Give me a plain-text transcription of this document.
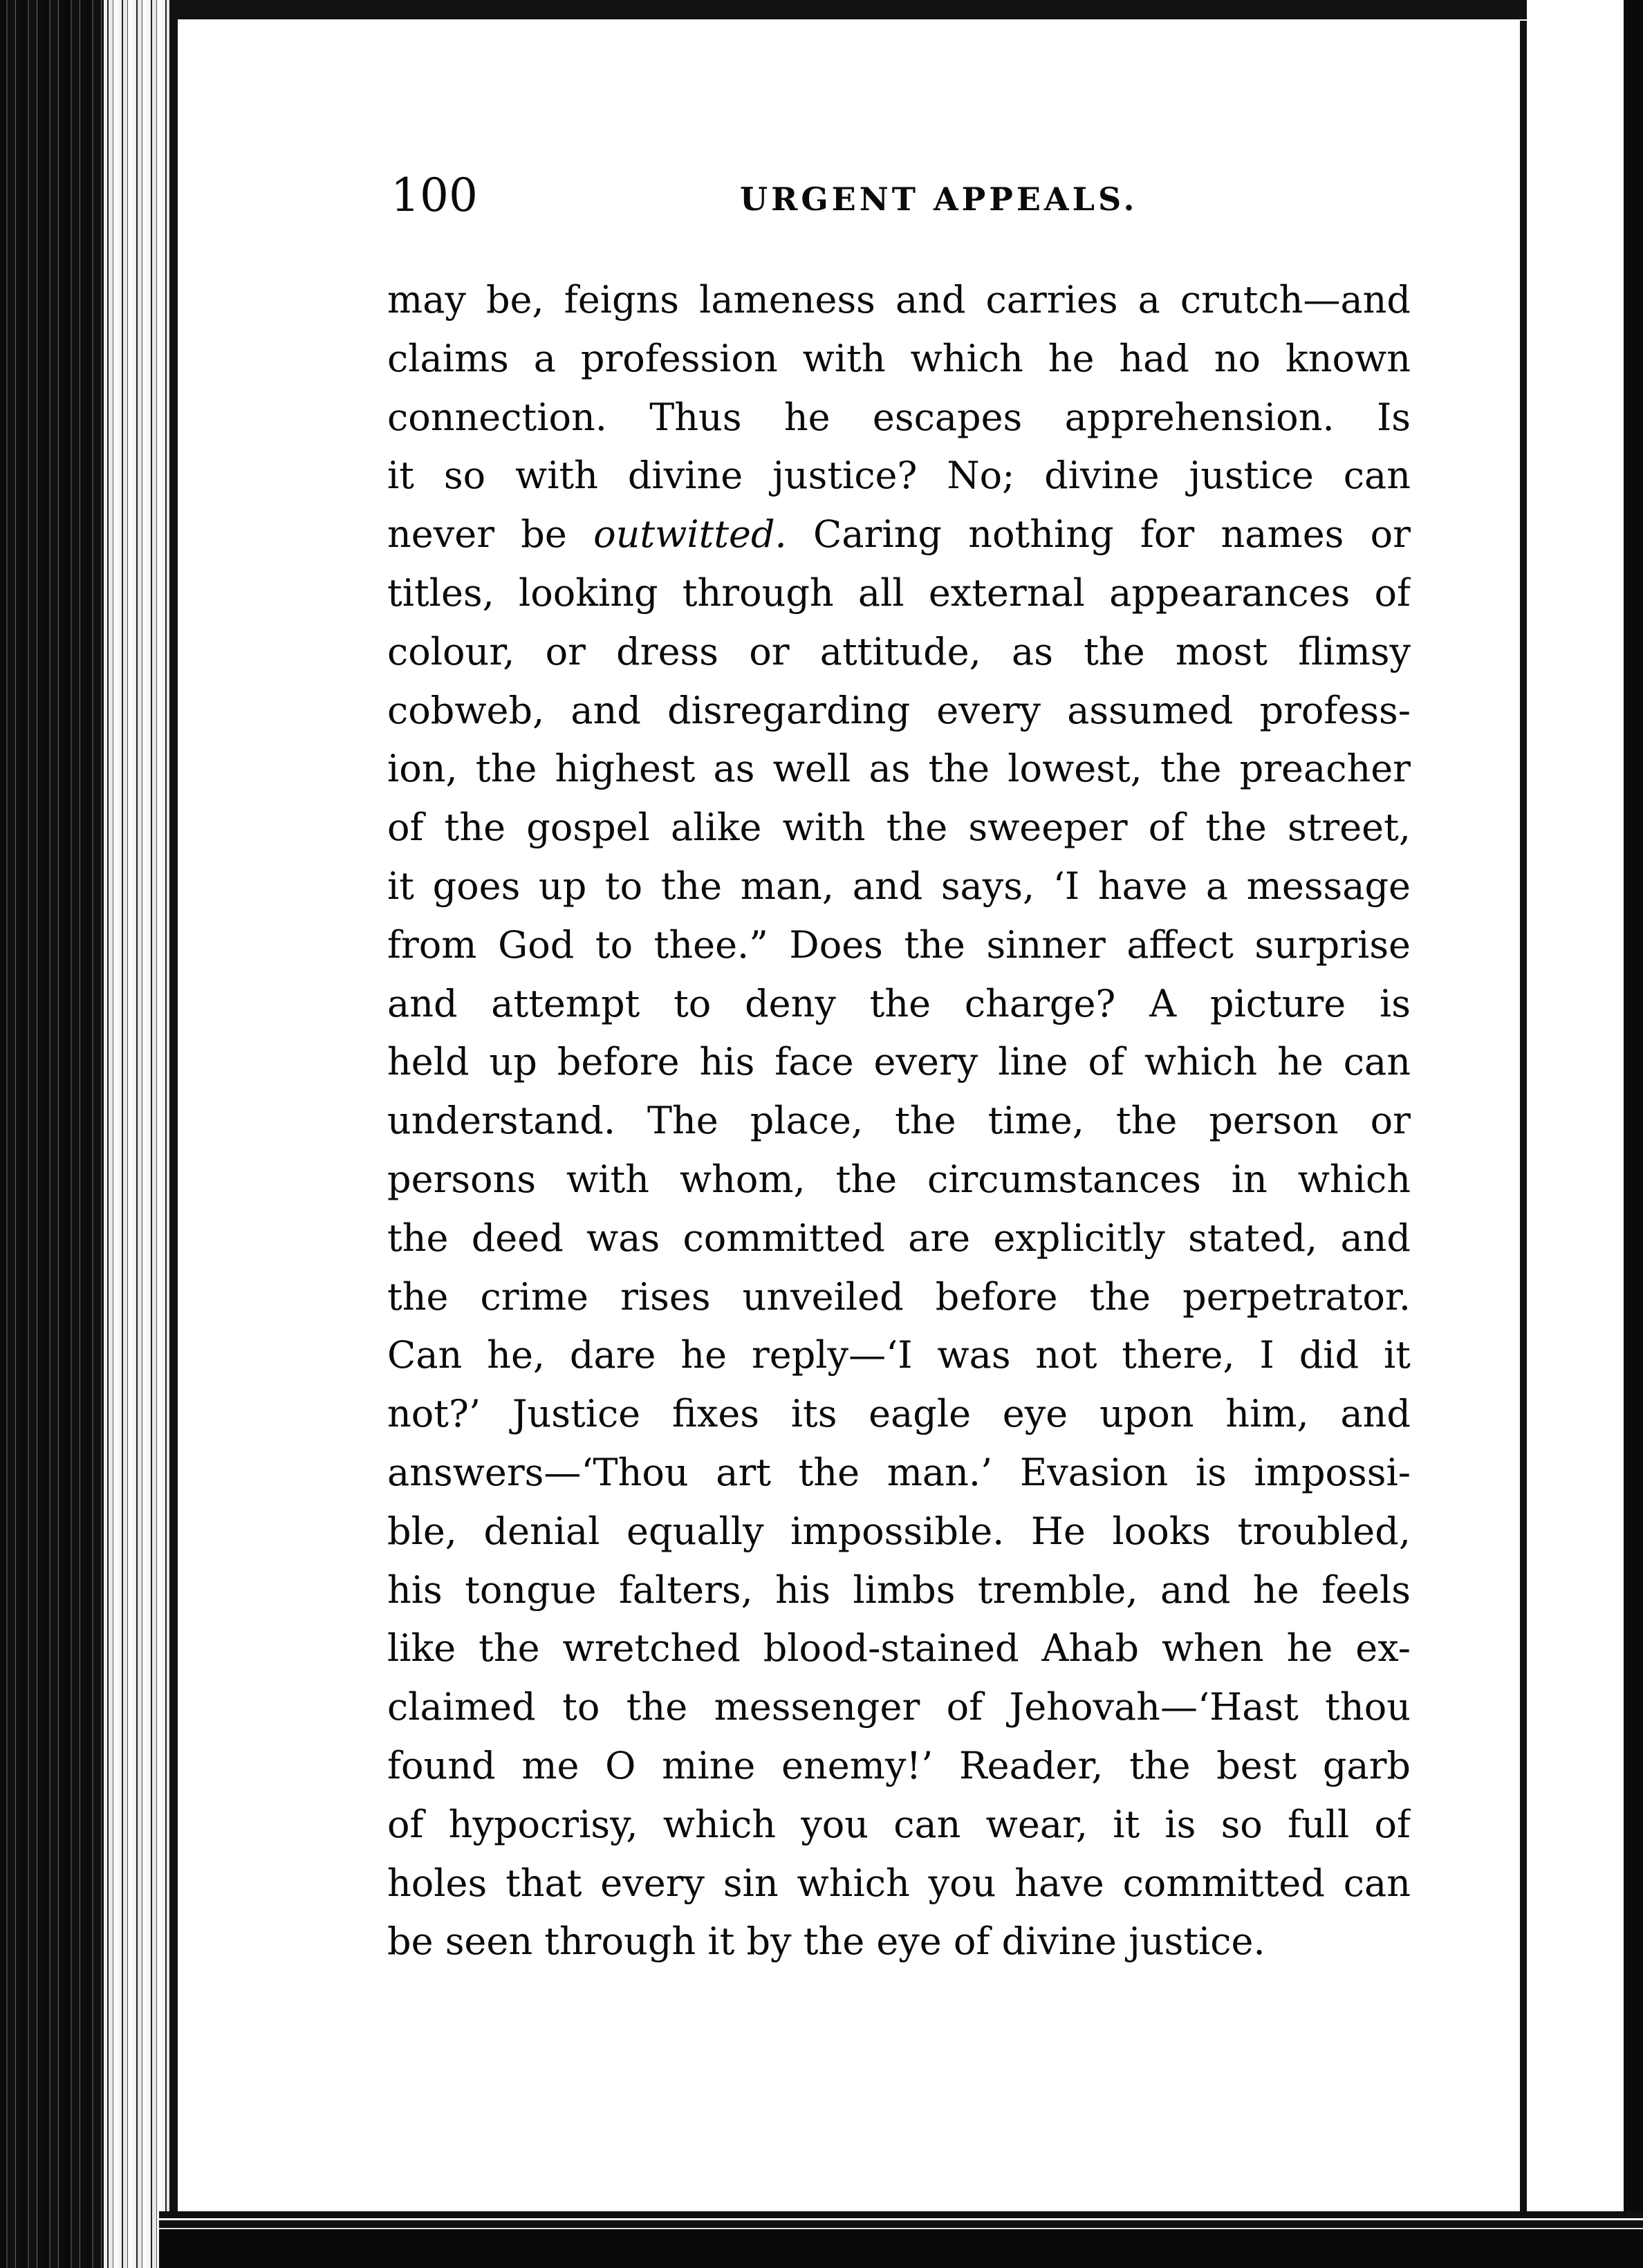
100	URGENT APPEALS.
may be, feigns lameness and carries a crutch—and
claims a profession with which he had no known
connection. Thus he escapes apprehension. Is
it so with divine justice? No; divine justice can
never be outwitted. Caring nothing for names or
titles, looking through all external appearances of
colour, or dress or attitude, as the most flimsy
cobweb, and disregarding every assumed profess-
ion, the highest as well as the lowest, the preacher
of the gospel alike with the sweeper of the street,
it goes up to the man, and says, ‘I have a message
from God to thee.” Does the sinner affect surprise
and attempt to deny the charge? A picture is
held up before his face every line of which he can
understand. The place, the time, the person or
persons with whom, the circumstances in which
the deed was committed are explicitly stated, and
the crime rises unveiled before the perpetrator.
Can he, dare he reply—‘I was not there, I did it
not?’ Justice fixes its eagle eye upon him, and
answers—‘Thou art the man.’ Evasion is impossi-
ble, denial equally impossible. He looks troubled,
his tongue falters, his limbs tremble, and he feels
like the wretched blood-stained Ahab when he ex-
claimed to the messenger of Jehovah—‘Hast thou
found me O mine enemy!’ Reader, the best garb
of hypocrisy, which you can wear, it is so full of
holes that every sin which you have committed can
be seen through it by the eye of divine justice.
